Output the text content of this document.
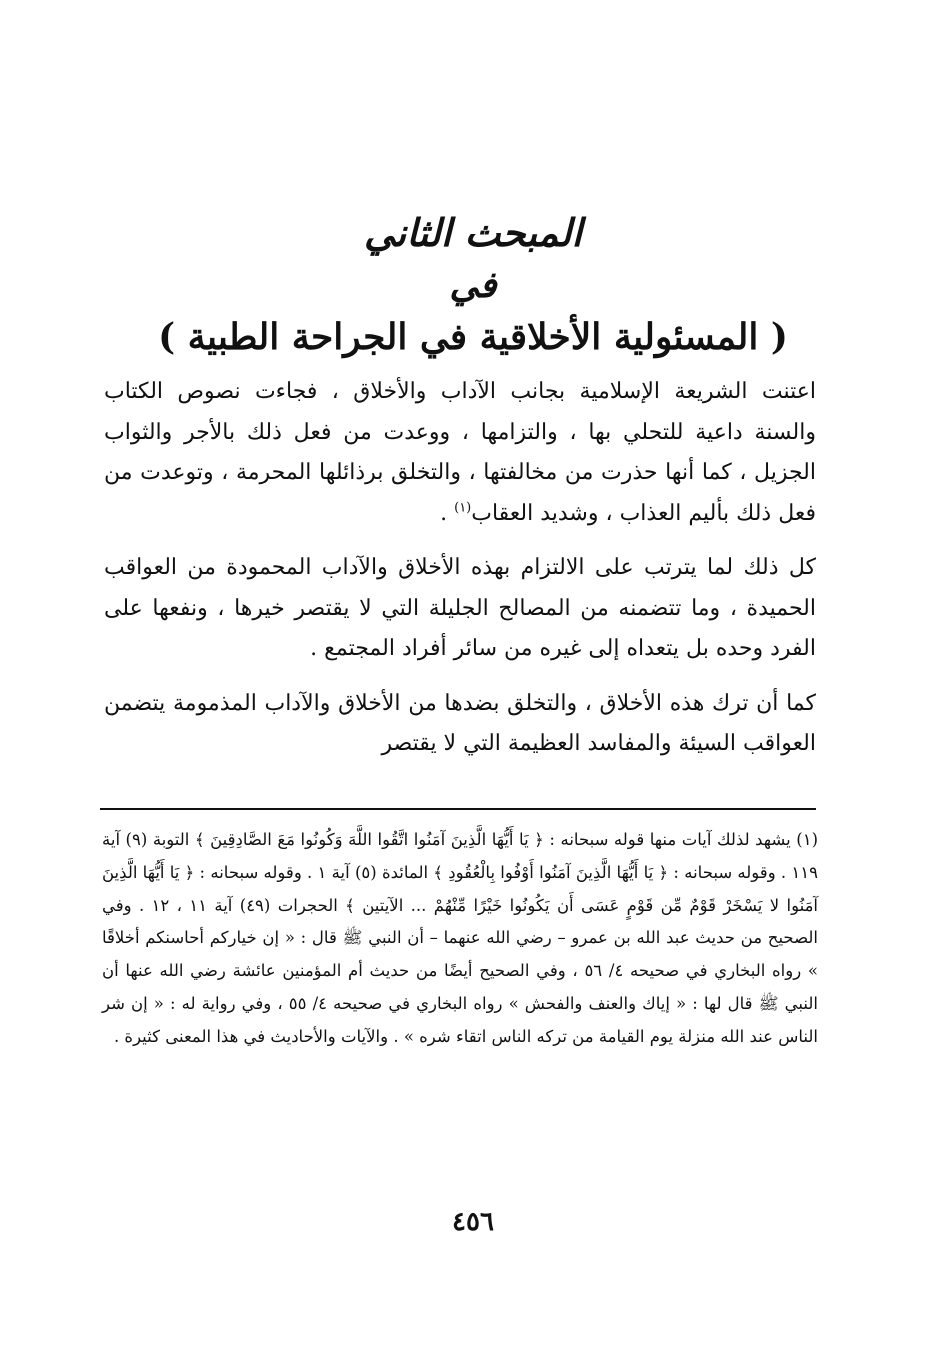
المبحث الثاني
في
( المسئولية الأخلاقية في الجراحة الطبية )

اعتنت الشريعة الإسلامية بجانب الآداب والأخلاق ، فجاءت نصوص الكتاب والسنة داعية للتحلي بها ، والتزامها ، ووعدت من فعل ذلك بالأجر والثواب الجزيل ، كما أنها حذرت من مخالفتها ، والتخلق برذائلها المحرمة ، وتوعدت من فعل ذلك بأليم العذاب ، وشديد العقاب$^{(١)}$ .

كل ذلك لما يترتب على الالتزام بهذه الأخلاق والآداب المحمودة من العواقب الحميدة ، وما تتضمنه من المصالح الجليلة التي لا يقتصر خيرها ، ونفعها على الفرد وحده بل يتعداه إلى غيره من سائر أفراد المجتمع .

كما أن ترك هذه الأخلاق ، والتخلق بضدها من الأخلاق والآداب المذمومة يتضمن العواقب السيئة والمفاسد العظيمة التي لا يقتصر

(١) يشهد لذلك آيات منها قوله سبحانه : ﴿ يَا أَيُّهَا الَّذِينَ آمَنُوا اتَّقُوا اللَّهَ وَكُونُوا مَعَ الصَّادِقِينَ ﴾ التوبة (٩) آية ١١٩ . وقوله سبحانه : ﴿ يَا أَيُّهَا الَّذِينَ آمَنُوا أَوْفُوا بِالْعُقُودِ ﴾ المائدة (٥) آية ١ . وقوله سبحانه : ﴿ يَا أَيُّهَا الَّذِينَ آمَنُوا لا يَسْخَرْ قَوْمٌ مِّن قَوْمٍ عَسَى أَن يَكُونُوا خَيْرًا مِّنْهُمْ ... الآيتين ﴾ الحجرات (٤٩) آية ١١ ، ١٢ . وفي الصحيح من حديث عبد الله بن عمرو – رضي الله عنهما – أن النبي ﷺ قال : « إن خياركم أحاسنكم أخلاقًا » رواه البخاري في صحيحه ٤/ ٥٦ ، وفي الصحيح أيضًا من حديث أم المؤمنين عائشة رضي الله عنها أن النبي ﷺ قال لها : « إياك والعنف والفحش » رواه البخاري في صحيحه ٤/ ٥٥ ، وفي رواية له : « إن شر الناس عند الله منزلة يوم القيامة من تركه الناس اتقاء شره » . والآيات والأحاديث في هذا المعنى كثيرة .
٤٥٦
